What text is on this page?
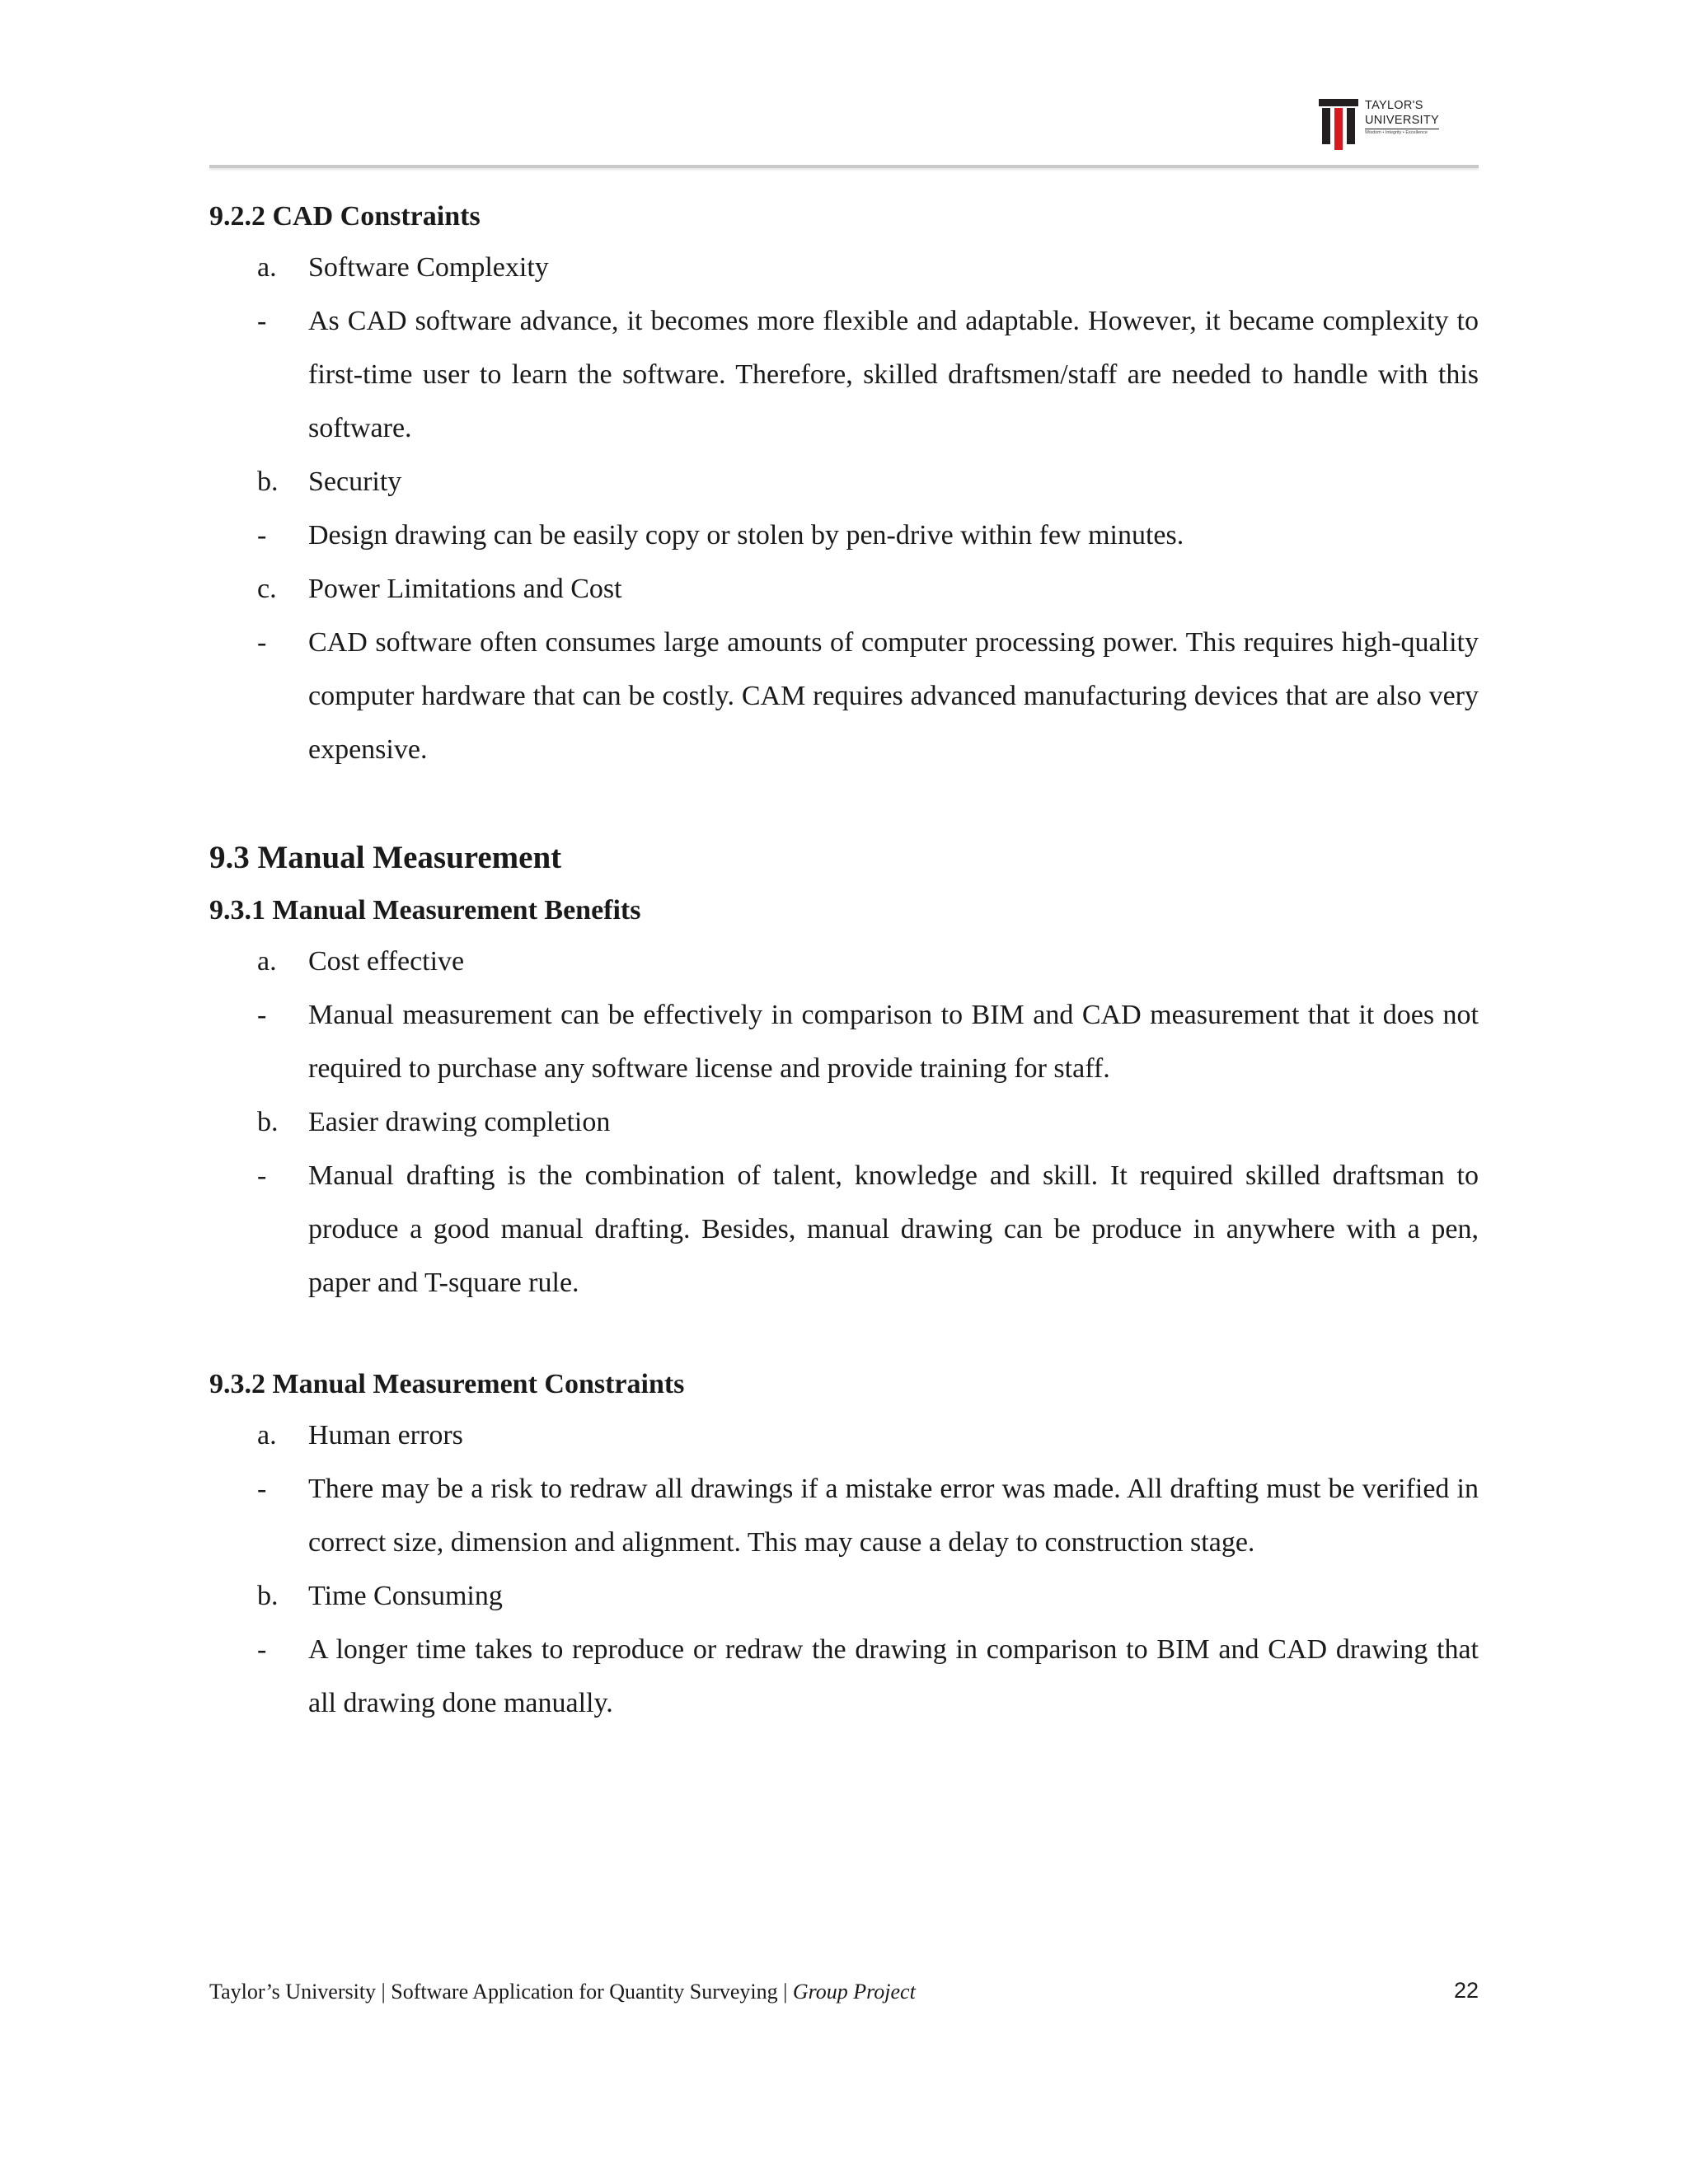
TAYLOR'S
UNIVERSITY
Wisdom • Integrity • Excellence
9.2.2 CAD Constraints
a.	Software Complexity
-	As CAD software advance, it becomes more flexible and adaptable. However, it became complexity to first-time user to learn the software. Therefore, skilled draftsmen/staff are needed to handle with this software.
b.	Security
-	Design drawing can be easily copy or stolen by pen-drive within few minutes.
c.	Power Limitations and Cost
-	CAD software often consumes large amounts of computer processing power. This requires high-quality computer hardware that can be costly. CAM requires advanced manufacturing devices that are also very expensive.
9.3 Manual Measurement
9.3.1 Manual Measurement Benefits
a.	Cost effective
-	Manual measurement can be effectively in comparison to BIM and CAD measurement that it does not required to purchase any software license and provide training for staff.
b.	Easier drawing completion
-	Manual drafting is the combination of talent, knowledge and skill. It required skilled draftsman to produce a good manual drafting. Besides, manual drawing can be produce in anywhere with a pen, paper and T-square rule.
9.3.2 Manual Measurement Constraints
a.	Human errors
-	There may be a risk to redraw all drawings if a mistake error was made. All drafting must be verified in correct size, dimension and alignment. This may cause a delay to construction stage.
b.	Time Consuming
-	A longer time takes to reproduce or redraw the drawing in comparison to BIM and CAD drawing that all drawing done manually.
Taylor’s University | Software Application for Quantity Surveying | Group Project	22
